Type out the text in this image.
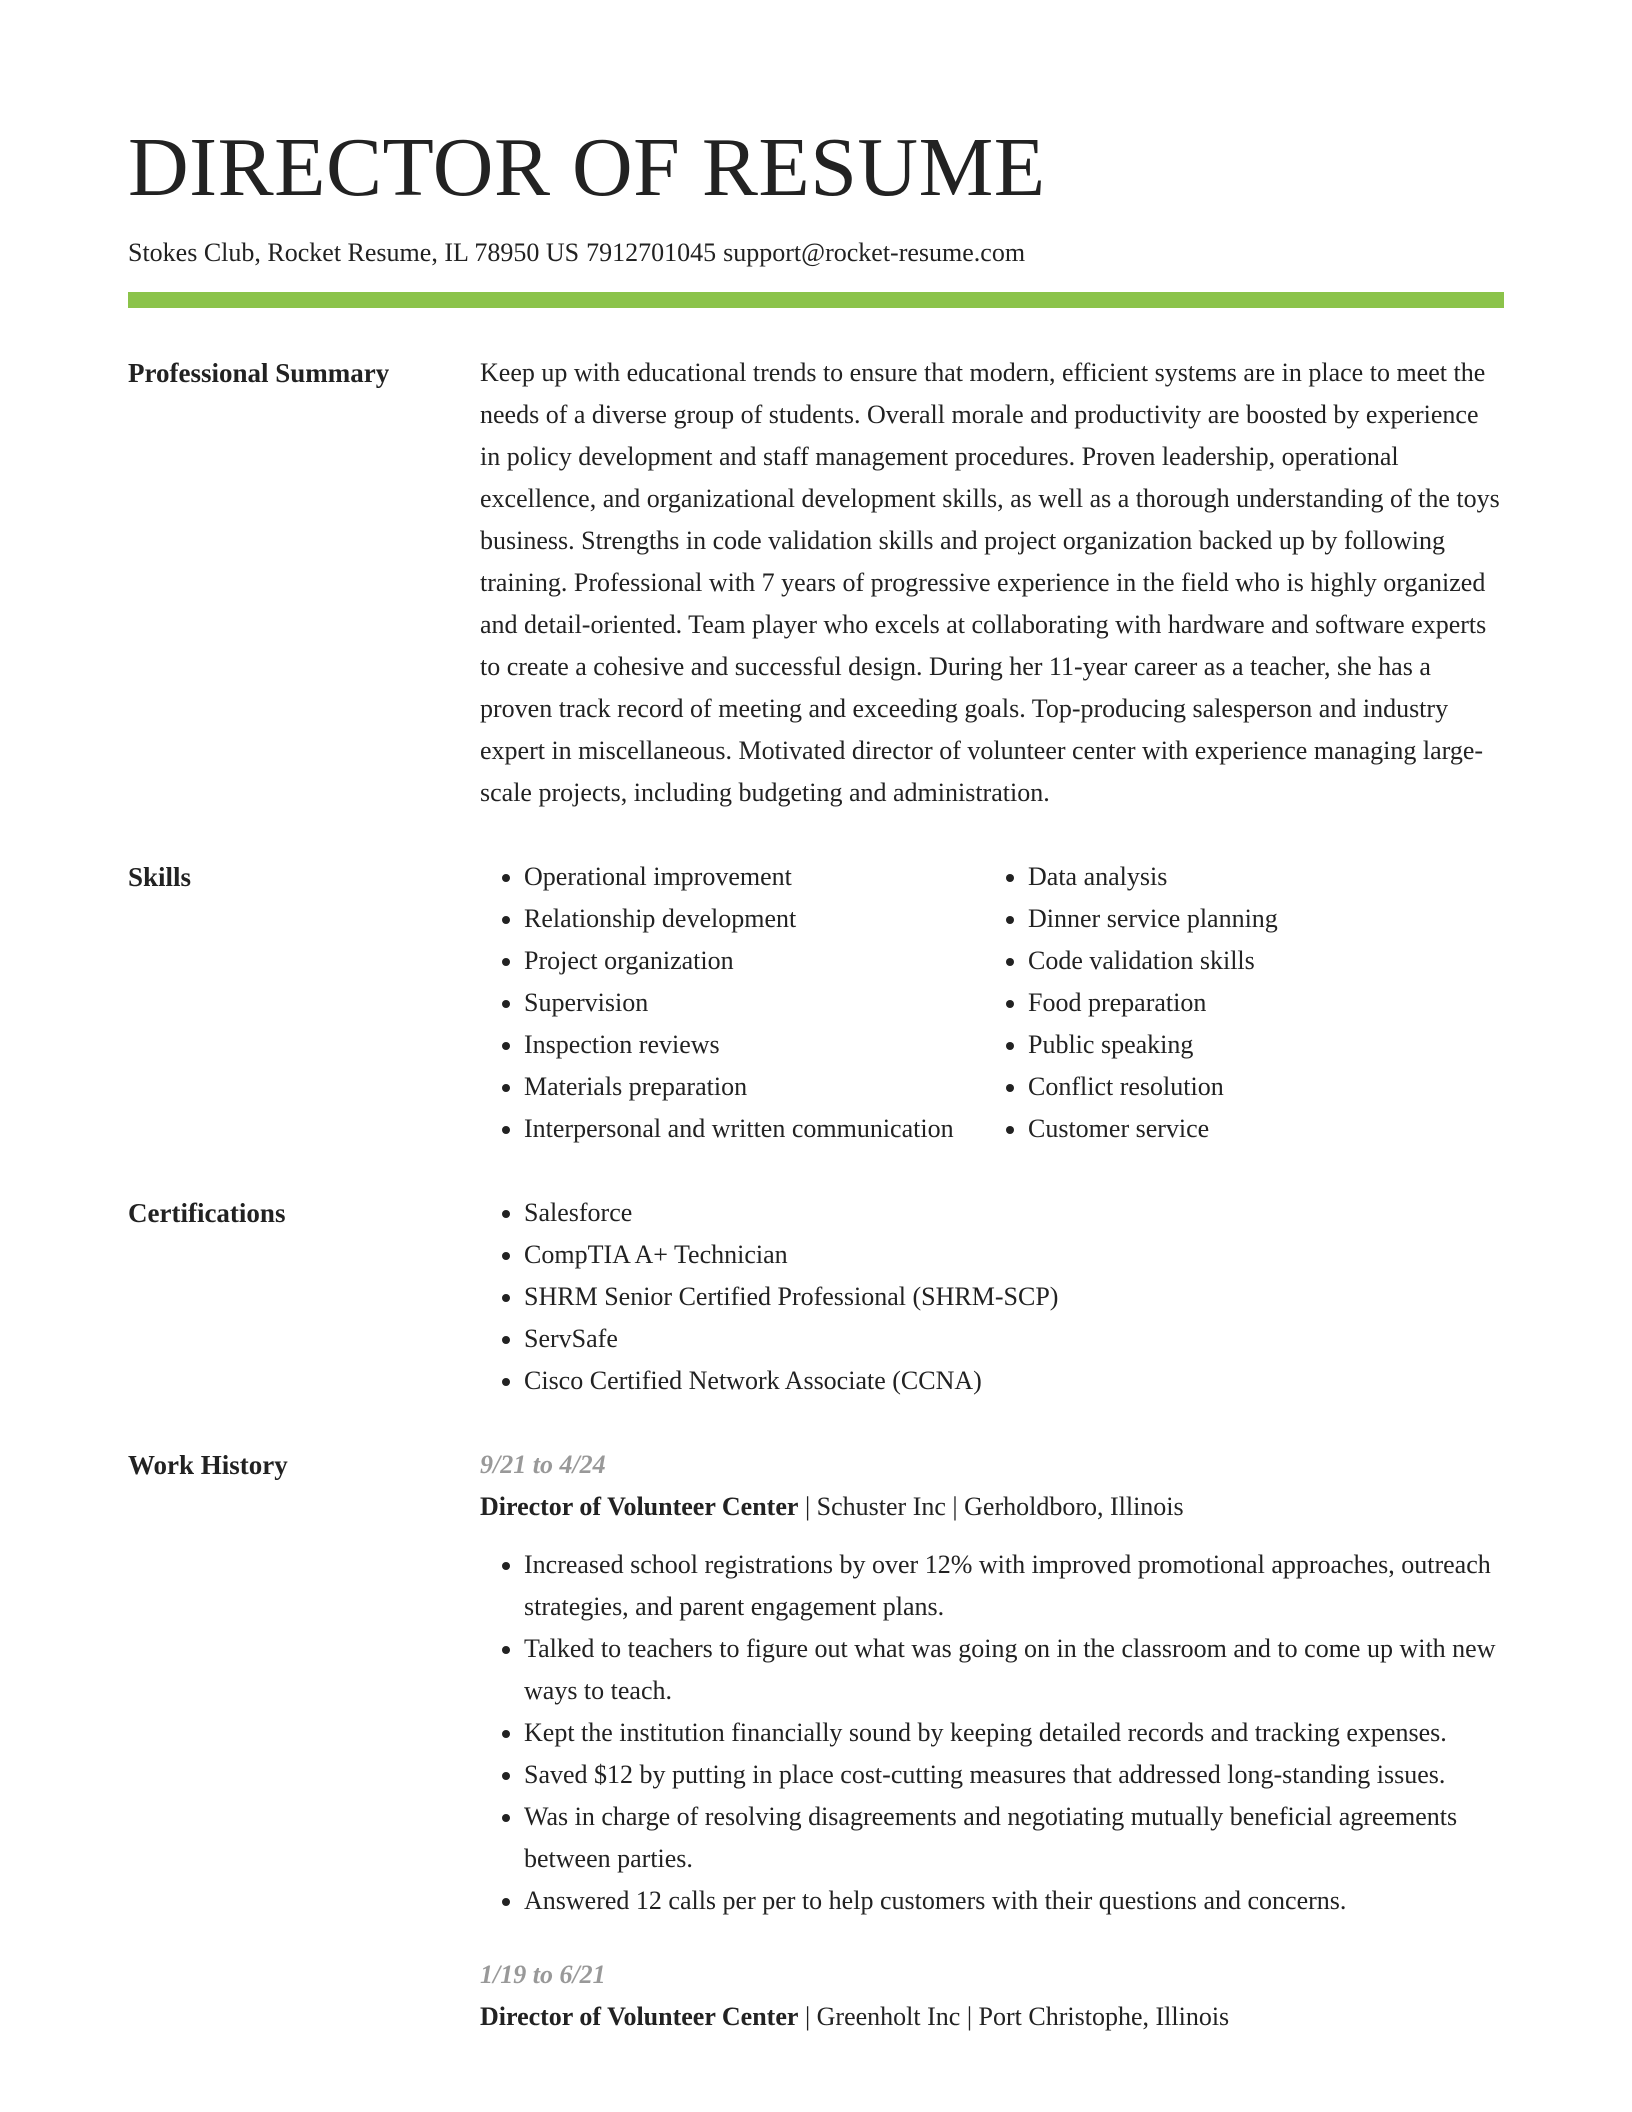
DIRECTOR OF RESUME
Stokes Club, Rocket Resume, IL 78950 US 7912701045 support@rocket-resume.com
Professional Summary	Keep up with educational trends to ensure that modern, efficient systems are in place to meet the needs of a diverse group of students. Overall morale and productivity are boosted by experience in policy development and staff management procedures. Proven leadership, operational excellence, and organizational development skills, as well as a thorough understanding of the toys business. Strengths in code validation skills and project organization backed up by following training. Professional with 7 years of progressive experience in the field who is highly organized and detail-oriented. Team player who excels at collaborating with hardware and software experts to create a cohesive and successful design. During her 11-year career as a teacher, she has a proven track record of meeting and exceeding goals. Top-producing salesperson and industry expert in miscellaneous. Motivated director of volunteer center with experience managing large-scale projects, including budgeting and administration.

Skills	• Operational improvement
• Relationship development
• Project organization
• Supervision
• Inspection reviews
• Materials preparation
• Interpersonal and written communication
• Data analysis
• Dinner service planning
• Code validation skills
• Food preparation
• Public speaking
• Conflict resolution
• Customer service
Certifications	• Salesforce
• CompTIA A+ Technician
• SHRM Senior Certified Professional (SHRM-SCP)
• ServSafe
• Cisco Certified Network Associate (CCNA)
Work History	9/21 to 4/24
Director of Volunteer Center | Schuster Inc | Gerholdboro, Illinois
• Increased school registrations by over 12% with improved promotional approaches, outreach strategies, and parent engagement plans.
• Talked to teachers to figure out what was going on in the classroom and to come up with new ways to teach.
• Kept the institution financially sound by keeping detailed records and tracking expenses.
• Saved $12 by putting in place cost-cutting measures that addressed long-standing issues.
• Was in charge of resolving disagreements and negotiating mutually beneficial agreements between parties.
• Answered 12 calls per per to help customers with their questions and concerns.
1/19 to 6/21
Director of Volunteer Center | Greenholt Inc | Port Christophe, Illinois
